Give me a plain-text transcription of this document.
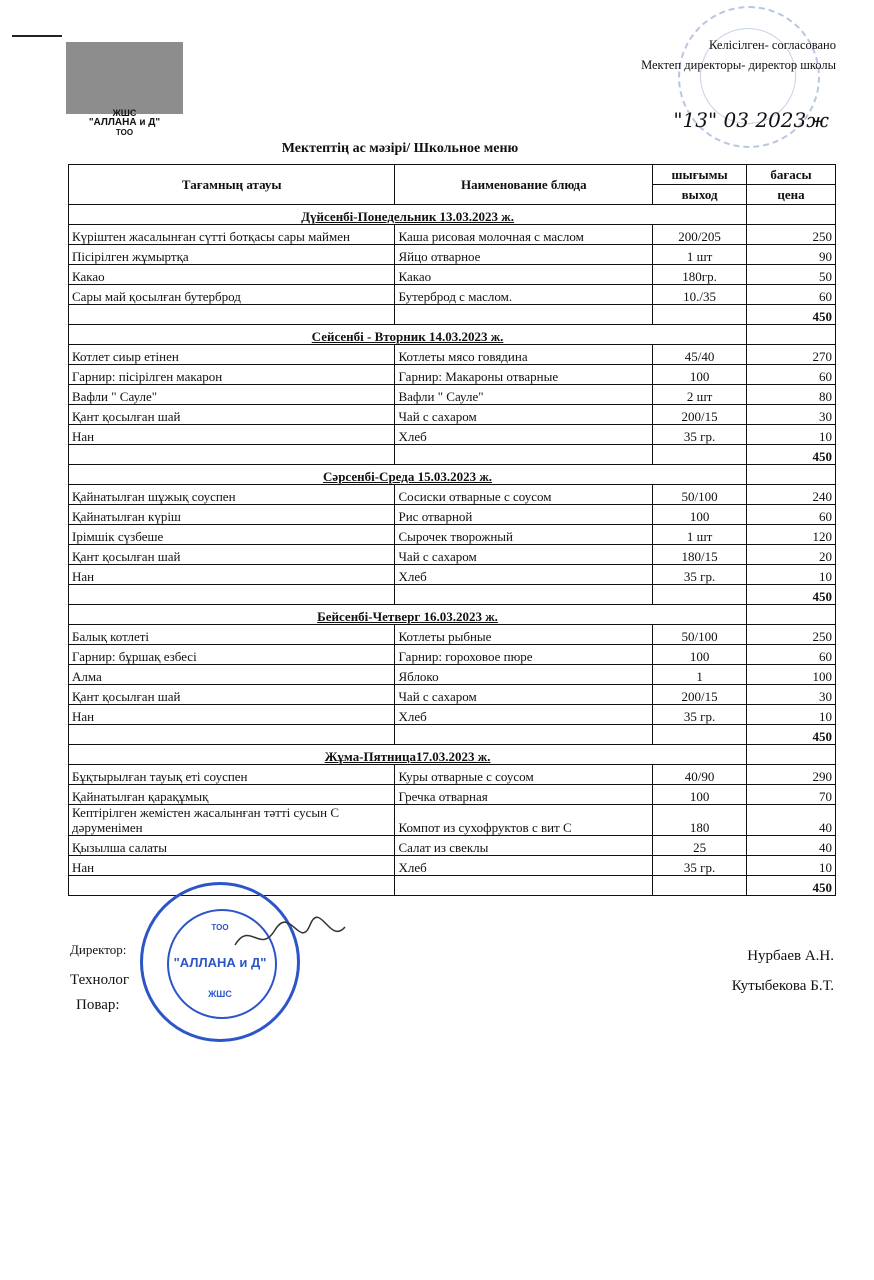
ЖШС
"АЛЛАНА и Д"
ТОО
Келісілген- согласовано
Мектеп директоры- директор школы
"13" 03 2023ж
Мектептің ас мәзірі/ Школьное меню
Тағамның атауы	Наименование блюда	шығымы	бағасы
		выход	цена
Дүйсенбі-Понедельник 13.03.2023 ж.			
Күріштен жасалынған сүтті ботқасы сары маймен	Каша рисовая молочная с маслом	200/205	250
Пісірілген жұмыртқа	Яйцо отварное	1 шт	90
Какао	Какао	180гр.	50
Сары май қосылған бутерброд	Бутерброд с маслом.	10./35	60
			450
Сейсенбі - Вторник 14.03.2023 ж.			
Котлет сиыр етінен	Котлеты мясо говядина	45/40	270
Гарнир: пісірілген макарон	Гарнир: Макароны отварные	100	60
Вафли " Сауле"	Вафли " Сауле"	2 шт	80
Қант қосылған шай	Чай с сахаром	200/15	30
Нан	Хлеб	35 гр.	10
			450
Сәрсенбі-Среда 15.03.2023 ж.			
Қайнатылған шұжық соуспен	Сосиски отварные с соусом	50/100	240
Қайнатылған күріш	Рис отварной	100	60
Ірімшік сүзбеше	Сырочек творожный	1 шт	120
Қант қосылған шай	Чай с сахаром	180/15	20
Нан	Хлеб	35 гр.	10
			450
Бейсенбі-Четверг 16.03.2023 ж.			
Балық котлеті	Котлеты рыбные	50/100	250
Гарнир: бұршақ езбесі	Гарнир: гороховое пюре	100	60
Алма	Яблоко	1	100
Қант қосылған шай	Чай с сахаром	200/15	30
Нан	Хлеб	35 гр.	10
			450
Жұма-Пятница17.03.2023 ж.			
Бұқтырылған тауық еті соуспен	Куры отварные с соусом	40/90	290
Қайнатылған қарақұмық	Гречка отварная	100	70
Кептірілген жемістен жасалынған тәтті сусын С дәруменімен	Компот из сухофруктов с вит С	180	40
Қызылша салаты	Салат из свеклы	25	40
Нан	Хлеб	35 гр.	10
			450
Директор:
Технолог
Повар:
Нурбаев А.Н.
Кутыбекова Б.Т.
ТОО
"АЛЛАНА и Д"
ЖШС
